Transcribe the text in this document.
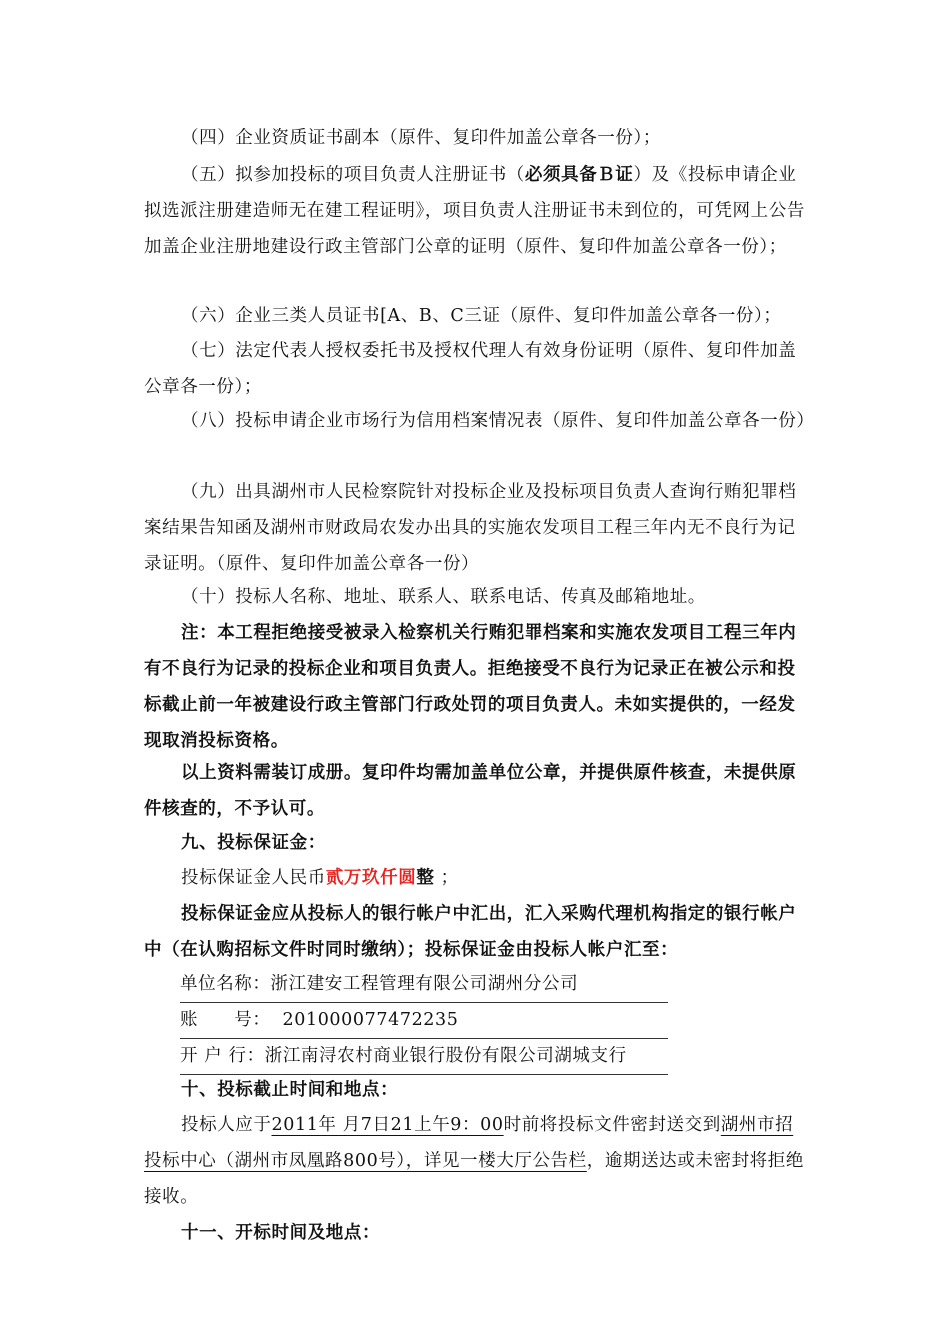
（四）企业资质证书副本（原件、复印件加盖公章各一份）；
（五）拟参加投标的项目负责人注册证书（必须具备Ｂ证）及《投标申请企业拟选派注册建造师无在建工程证明》，项目负责人注册证书未到位的，可凭网上公告加盖企业注册地建设行政主管部门公章的证明（原件、复印件加盖公章各一份）；
（六）企业三类人员证书[A、B、C三证（原件、复印件加盖公章各一份）；
（七）法定代表人授权委托书及授权代理人有效身份证明（原件、复印件加盖公章各一份）；
（八）投标申请企业市场行为信用档案情况表（原件、复印件加盖公章各一份）
（九）出具湖州市人民检察院针对投标企业及投标项目负责人查询行贿犯罪档案结果告知函及湖州市财政局农发办出具的实施农发项目工程三年内无不良行为记录证明。（原件、复印件加盖公章各一份）
（十）投标人名称、地址、联系人、联系电话、传真及邮箱地址。
注：本工程拒绝接受被录入检察机关行贿犯罪档案和实施农发项目工程三年内有不良行为记录的投标企业和项目负责人。拒绝接受不良行为记录正在被公示和投标截止前一年被建设行政主管部门行政处罚的项目负责人。未如实提供的，一经发现取消投标资格。
以上资料需装订成册。复印件均需加盖单位公章，并提供原件核查，未提供原件核查的，不予认可。
九、投标保证金：
投标保证金人民币贰万玖仟圆整 ；
投标保证金应从投标人的银行帐户中汇出，汇入采购代理机构指定的银行帐户中（在认购招标文件时同时缴纳）；投标保证金由投标人帐户汇至：
单位名称：浙江建安工程管理有限公司湖州分公司
账　　号： 201000077472235
开 户 行：浙江南浔农村商业银行股份有限公司湖城支行
十、投标截止时间和地点：
投标人应于2011年 月7日21上午9：00时前将投标文件密封送交到湖州市招投标中心（湖州市凤凰路800号），详见一楼大厅公告栏，逾期送达或未密封将拒绝接收。
十一、开标时间及地点：
